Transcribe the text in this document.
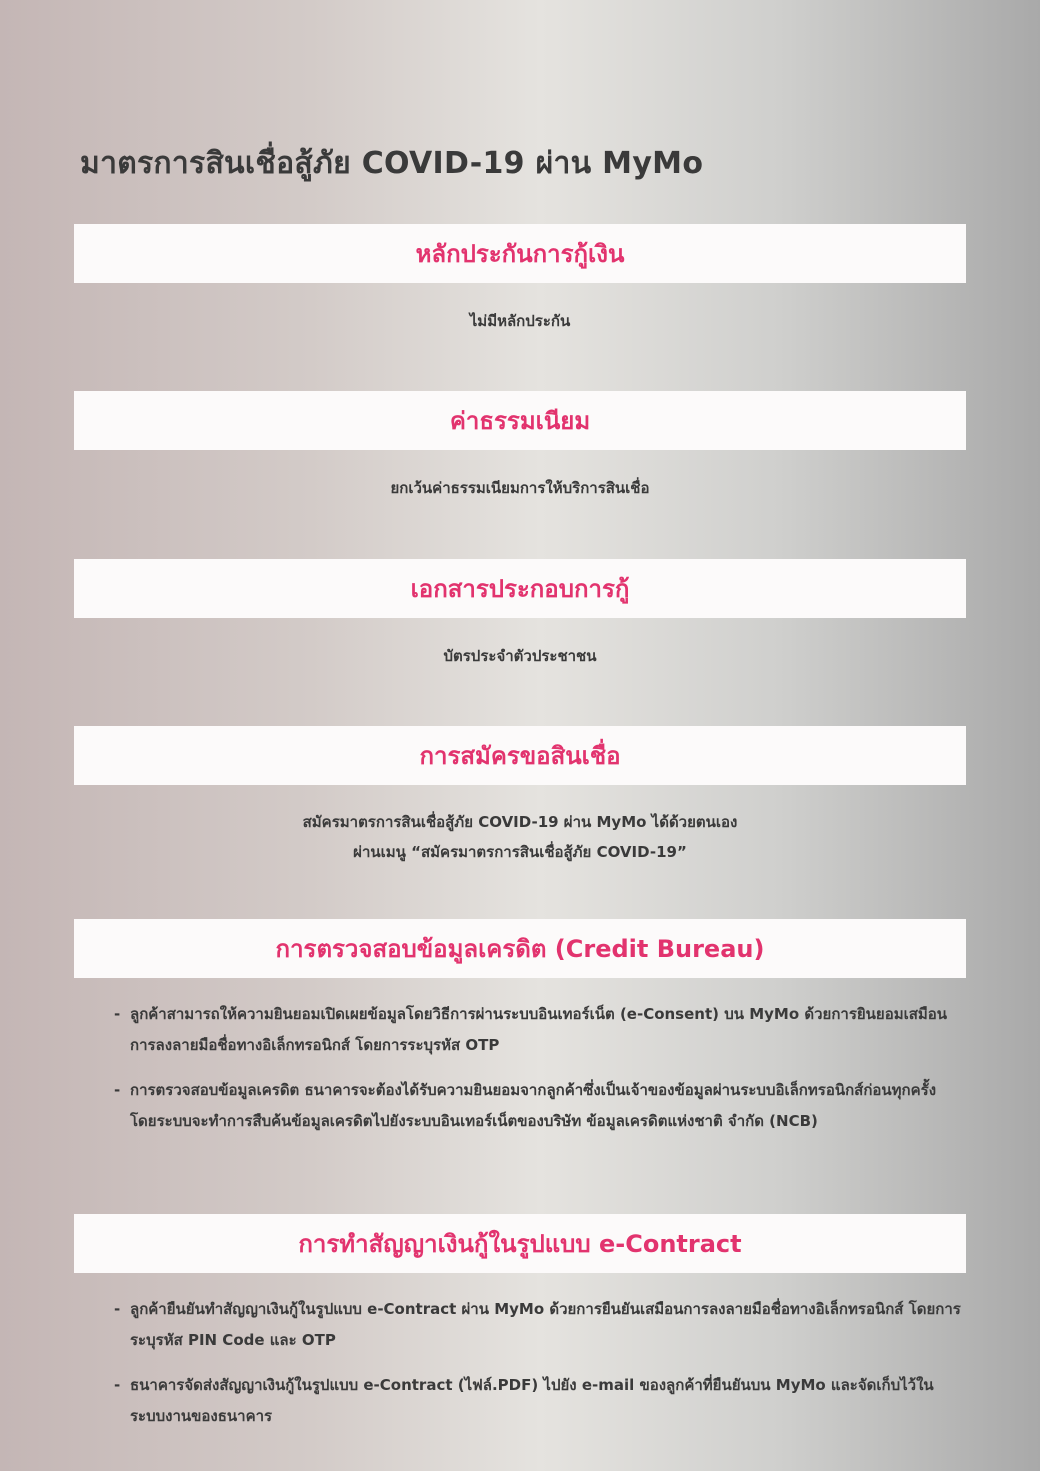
มาตรการสินเชื่อสู้ภัย COVID-19 ผ่าน MyMo
หลักประกันการกู้เงิน
ไม่มีหลักประกัน
ค่าธรรมเนียม
ยกเว้นค่าธรรมเนียมการให้บริการสินเชื่อ
เอกสารประกอบการกู้
บัตรประจำตัวประชาชน
การสมัครขอสินเชื่อ
สมัครมาตรการสินเชื่อสู้ภัย COVID-19 ผ่าน MyMo ได้ด้วยตนเอง
ผ่านเมนู “สมัครมาตรการสินเชื่อสู้ภัย COVID-19”
การตรวจสอบข้อมูลเครดิต (Credit Bureau)
- ลูกค้าสามารถให้ความยินยอมเปิดเผยข้อมูลโดยวิธีการผ่านระบบอินเทอร์เน็ต (e-Consent) บน MyMo ด้วยการยินยอมเสมือนการลงลายมือชื่อทางอิเล็กทรอนิกส์ โดยการระบุรหัส OTP
- การตรวจสอบข้อมูลเครดิต ธนาคารจะต้องได้รับความยินยอมจากลูกค้าซึ่งเป็นเจ้าของข้อมูลผ่านระบบอิเล็กทรอนิกส์ก่อนทุกครั้ง โดยระบบจะทำการสืบค้นข้อมูลเครดิตไปยังระบบอินเทอร์เน็ตของบริษัท ข้อมูลเครดิตแห่งชาติ จำกัด (NCB)
การทำสัญญาเงินกู้ในรูปแบบ e-Contract
- ลูกค้ายืนยันทำสัญญาเงินกู้ในรูปแบบ e-Contract ผ่าน MyMo ด้วยการยืนยันเสมือนการลงลายมือชื่อทางอิเล็กทรอนิกส์ โดยการระบุรหัส PIN Code และ OTP
- ธนาคารจัดส่งสัญญาเงินกู้ในรูปแบบ e-Contract (ไฟล์.PDF) ไปยัง e-mail ของลูกค้าที่ยืนยันบน MyMo และจัดเก็บไว้ในระบบงานของธนาคาร
